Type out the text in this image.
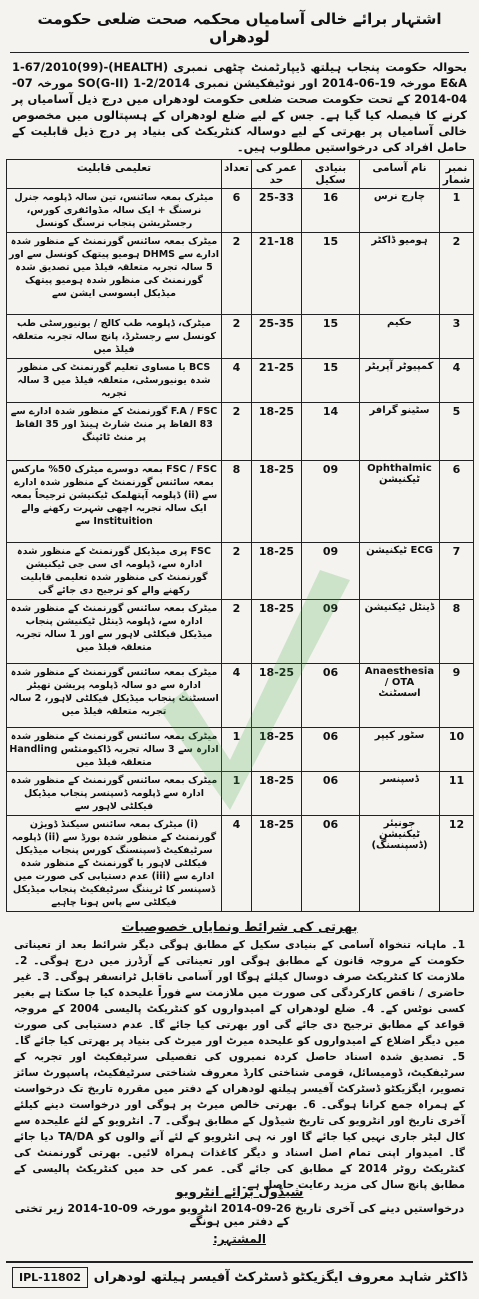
اشتہار برائے خالی آسامیاں محکمہ صحت ضلعی حکومت لودھراں
بحوالہ حکومت پنجاب ہیلتھ ڈیپارٹمنٹ چٹھی نمبری (HEALTH)-1-67/2010(99) E&A مورخہ 19-06-2014 اور نوٹیفکیشن نمبری SO(G-II) 1-2/2014 مورخہ 07-04-2014 کے تحت حکومت صحت ضلعی حکومت لودھراں میں درج ذیل آسامیاں پر کرنے کا فیصلہ کیا گیا ہے۔ جس کے لیے ضلع لودھراں کے ہسپتالوں میں مخصوص خالی آسامیاں پر بھرتی کے لیے دوسالہ کنٹریکٹ کی بنیاد پر درج ذیل قابلیت کے حامل افراد کی درخواستیں مطلوب ہیں۔
نمبر شمار	نام آسامی	بنیادی سکیل	عمر کی حد	تعداد	تعلیمی قابلیت
1	چارج نرس	16	25-33	6	میٹرک بمعہ سائنس، تین سالہ ڈپلومہ جنرل نرسنگ + ایک سالہ مڈوائفری کورس، رجسٹریشن پنجاب نرسنگ کونسل
2	ہومیو ڈاکٹر	15	21-18	2	میٹرک بمعہ سائنس گورنمنٹ کے منظور شدہ ادارے سے DHMS ہومیو پیتھک کونسل سے اور 5 سالہ تجربہ متعلقہ فیلڈ میں تصدیق شدہ گورنمنٹ کی منظور شدہ ہومیو پیتھک میڈیکل ایسوسی ایشن سے
3	حکیم	15	25-35	2	میٹرک، ڈپلومہ طب کالج / یونیورسٹی طب کونسل سے رجسٹرڈ، پانچ سالہ تجربہ متعلقہ فیلڈ میں
4	کمپیوٹر آپریٹر	15	21-25	4	BCS یا مساوی تعلیم گورنمنٹ کی منظور شدہ یونیورسٹی، متعلقہ فیلڈ میں 3 سالہ تجربہ
5	سٹینو گرافر	14	18-25	2	F.A / FSC گورنمنٹ کے منظور شدہ ادارے سے 83 الفاظ پر منٹ شارٹ ہینڈ اور 35 الفاظ پر منٹ ٹائپنگ
6	Ophthalmic ٹیکنیشن	09	18-25	8	FSC / FSC بمعہ دوسرے میٹرک 50% مارکس بمعہ سائنس گورنمنٹ کے منظور شدہ ادارے سے (ii) ڈپلومہ آپتھلمک ٹیکنیشن ترجیحاً بمعہ ایک سالہ تجربہ اچھی شہرت رکھنے والے Instituition سے
7	ECG ٹیکنیشن	09	18-25	2	FSC پری میڈیکل گورنمنٹ کے منظور شدہ ادارہ سے، ڈپلومہ ای سی جی ٹیکنیشن گورنمنٹ کی منظور شدہ تعلیمی قابلیت رکھنے والے کو ترجیح دی جائے گی
8	ڈینٹل ٹیکنیشن	09	18-25	2	میٹرک بمعہ سائنس گورنمنٹ کے منظور شدہ ادارہ سے، ڈپلومہ ڈینٹل ٹیکنیشن پنجاب میڈیکل فیکلٹی لاہور سے اور 1 سالہ تجربہ متعلقہ فیلڈ میں
9	Anaesthesia / OTA اسسٹنٹ	06	18-25	4	میٹرک بمعہ سائنس گورنمنٹ کے منظور شدہ ادارہ سے دو سالہ ڈپلومہ پریشن تھیٹر اسسٹنٹ پنجاب میڈیکل فیکلٹی لاہور، 2 سالہ تجربہ متعلقہ فیلڈ میں
10	سٹور کیپر	06	18-25	1	میٹرک بمعہ سائنس گورنمنٹ کے منظور شدہ ادارہ سے 3 سالہ تجربہ ڈاکیومنٹس Handling متعلقہ فیلڈ میں
11	ڈسپنسر	06	18-25	1	میٹرک بمعہ سائنس گورنمنٹ کے منظور شدہ ادارہ سے ڈپلومہ ڈسپنسر پنجاب میڈیکل فیکلٹی لاہور سے
12	جونیئر ٹیکنیشن (ڈسپنسنگ)	06	18-25	4	(i) میٹرک بمعہ سائنس سیکنڈ ڈویژن گورنمنٹ کے منظور شدہ بورڈ سے (ii) ڈپلومہ سرٹیفکیٹ ڈسپنسنگ کورس پنجاب میڈیکل فیکلٹی لاہور یا گورنمنٹ کے منظور شدہ ادارے سے (iii) عدم دستیابی کی صورت میں ڈسپنسر کا ٹریننگ سرٹیفکیٹ پنجاب میڈیکل فیکلٹی سے پاس ہونا چاہیے
بھرتی کی شرائط ونمایاں خصوصیات
1۔ ماہانہ تنخواہ آسامی کے بنیادی سکیل کے مطابق ہوگی دیگر شرائط بعد از تعیناتی حکومت کے مروجہ قانون کے مطابق ہوگی اور تعیناتی کے آرڈرز میں درج ہوگی۔ 2۔ ملازمت کا کنٹریکٹ صرف دوسال کیلئے ہوگا اور آسامی ناقابل ٹرانسفر ہوگی۔ 3۔ غیر حاضری / ناقص کارکردگی کی صورت میں ملازمت سے فوراً علیحدہ کیا جا سکتا ہے بغیر کسی نوٹس کے۔ 4۔ ضلع لودھراں کے امیدواروں کو کنٹریکٹ پالیسی 2004 کے مروجہ قواعد کے مطابق ترجیح دی جائے گی اور بھرتی کیا جائے گا۔ عدم دستیابی کی صورت میں دیگر اضلاع کے امیدواروں کو علیحدہ میرٹ اور میرٹ کی بنیاد پر بھرتی کیا جائے گا۔ 5۔ تصدیق شدہ اسناد حاصل کردہ نمبروں کی تفصیلی سرٹیفکیٹ اور تجربہ کے سرٹیفکیٹ، ڈومیسائل، قومی شناختی کارڈ معروف شناختی سرٹیفکیٹ، پاسپورٹ سائز تصویر، ایگزیکٹو ڈسٹرکٹ آفیسر ہیلتھ لودھراں کے دفتر میں مقررہ تاریخ تک درخواست کے ہمراہ جمع کرانا ہوگی۔ 6۔ بھرتی خالص میرٹ پر ہوگی اور درخواست دینے کیلئے آخری تاریخ اور انٹرویو کی تاریخ شیڈول کے مطابق ہوگی۔ 7۔ انٹرویو کے لئے علیحدہ سے کال لیٹر جاری نہیں کیا جائے گا اور نہ ہی انٹرویو کے لئے آنے والوں کو TA/DA دیا جائے گا۔ امیدوار اپنی تمام اصل اسناد و دیگر کاغذات ہمراہ لائیں۔ بھرتی گورنمنٹ کی کنٹریکٹ روٹر 2014 کے مطابق کی جائے گی۔ عمر کی حد میں کنٹریکٹ پالیسی کے مطابق پانچ سال کی مزید رعایت حاصل ہے۔
شیڈول برائے انٹرویو
درخواستیں دینے کی آخری تاریخ 26-09-2014 انٹرویو مورخہ 09-10-2014 زیر تختی کے دفتر میں ہونگے
المشتہر:
IPL-11802 ڈاکٹر شاہد معروف ایگزیکٹو ڈسٹرکٹ آفیسر ہیلتھ لودھراں
